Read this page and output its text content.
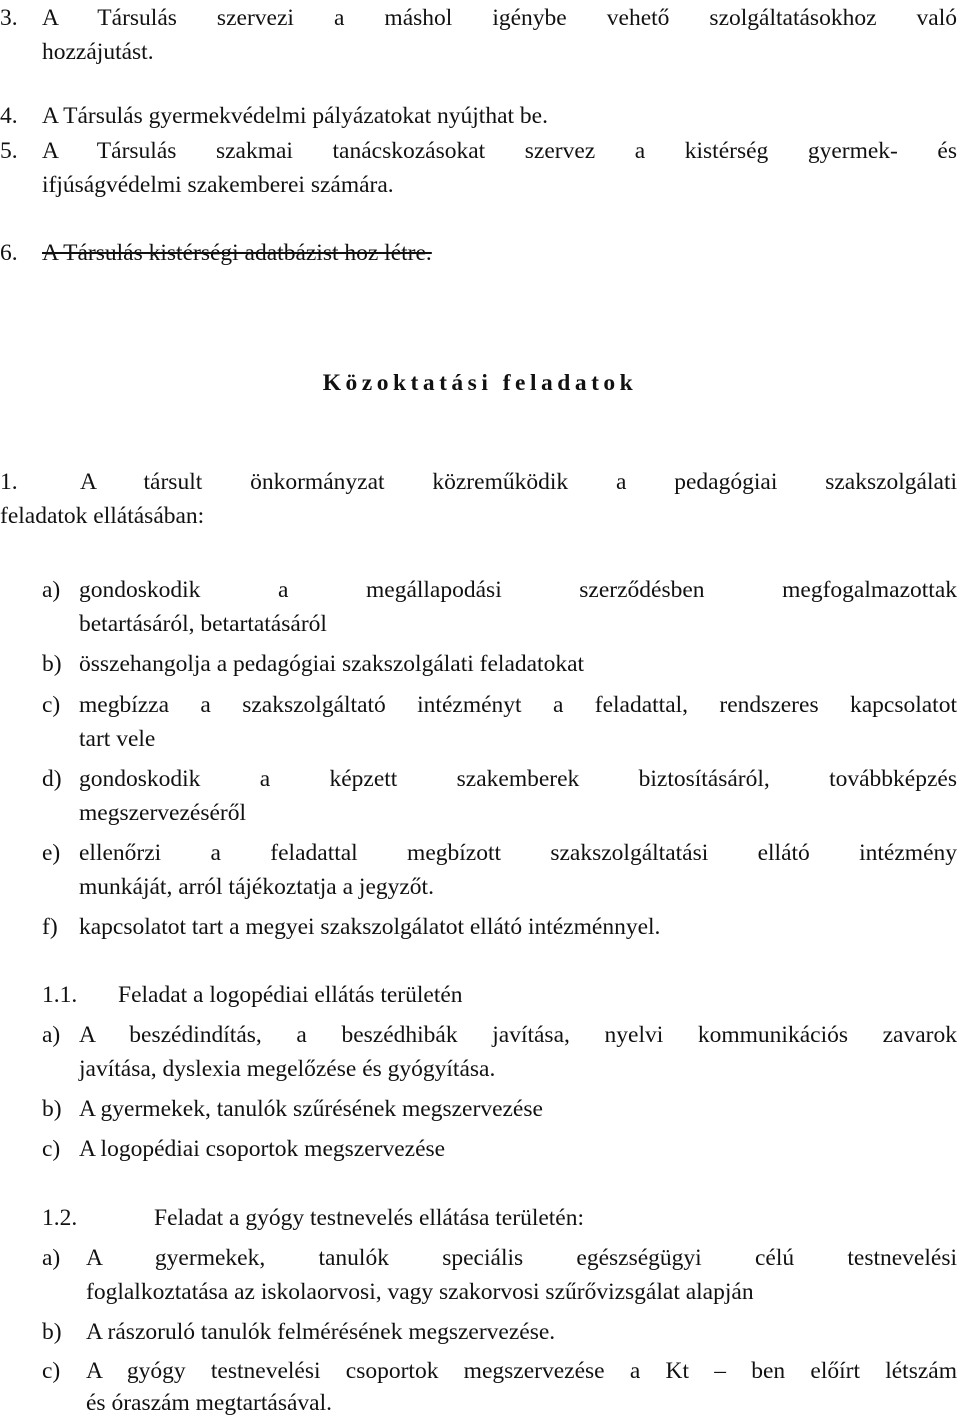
3. A Társulás szervezi a máshol igénybe vehető szolgáltatásokhoz való
hozzájutást.
4. A Társulás gyermekvédelmi pályázatokat nyújthat be.
5. A Társulás szakmai tanácskozásokat szervez a kistérség gyermek- és
ifjúságvédelmi szakemberei számára.
6. A Társulás kistérségi adatbázist hoz létre.
Közoktatási feladatok
1.	A társult önkormányzat közreműködik a pedagógiai szakszolgálati
feladatok ellátásában:
a) gondoskodik a megállapodási szerződésben megfogalmazottak
betartásáról, betartatásáról
b) összehangolja a pedagógiai szakszolgálati feladatokat
c) megbízza a szakszolgáltató intézményt a feladattal, rendszeres kapcsolatot
tart vele
d) gondoskodik a képzett szakemberek biztosításáról, továbbképzés
megszervezéséről
e) ellenőrzi a feladattal megbízott szakszolgáltatási ellátó intézmény
munkáját, arról tájékoztatja a jegyzőt.
f) kapcsolatot tart a megyei szakszolgálatot ellátó intézménnyel.
1.1. Feladat a logopédiai ellátás területén
a) A beszédindítás, a beszédhibák javítása, nyelvi kommunikációs zavarok
javítása, dyslexia megelőzése és gyógyítása.
b) A gyermekek, tanulók szűrésének megszervezése
c) A logopédiai csoportok megszervezése
1.2.	Feladat a gyógy testnevelés ellátása területén:
a) A gyermekek, tanulók speciális egészségügyi célú testnevelési
foglalkoztatása az iskolaorvosi, vagy szakorvosi szűrővizsgálat alapján
b) A rászoruló tanulók felmérésének megszervezése.
c) A gyógy testnevelési csoportok megszervezése a Kt – ben előírt létszám
és óraszám megtartásával.
